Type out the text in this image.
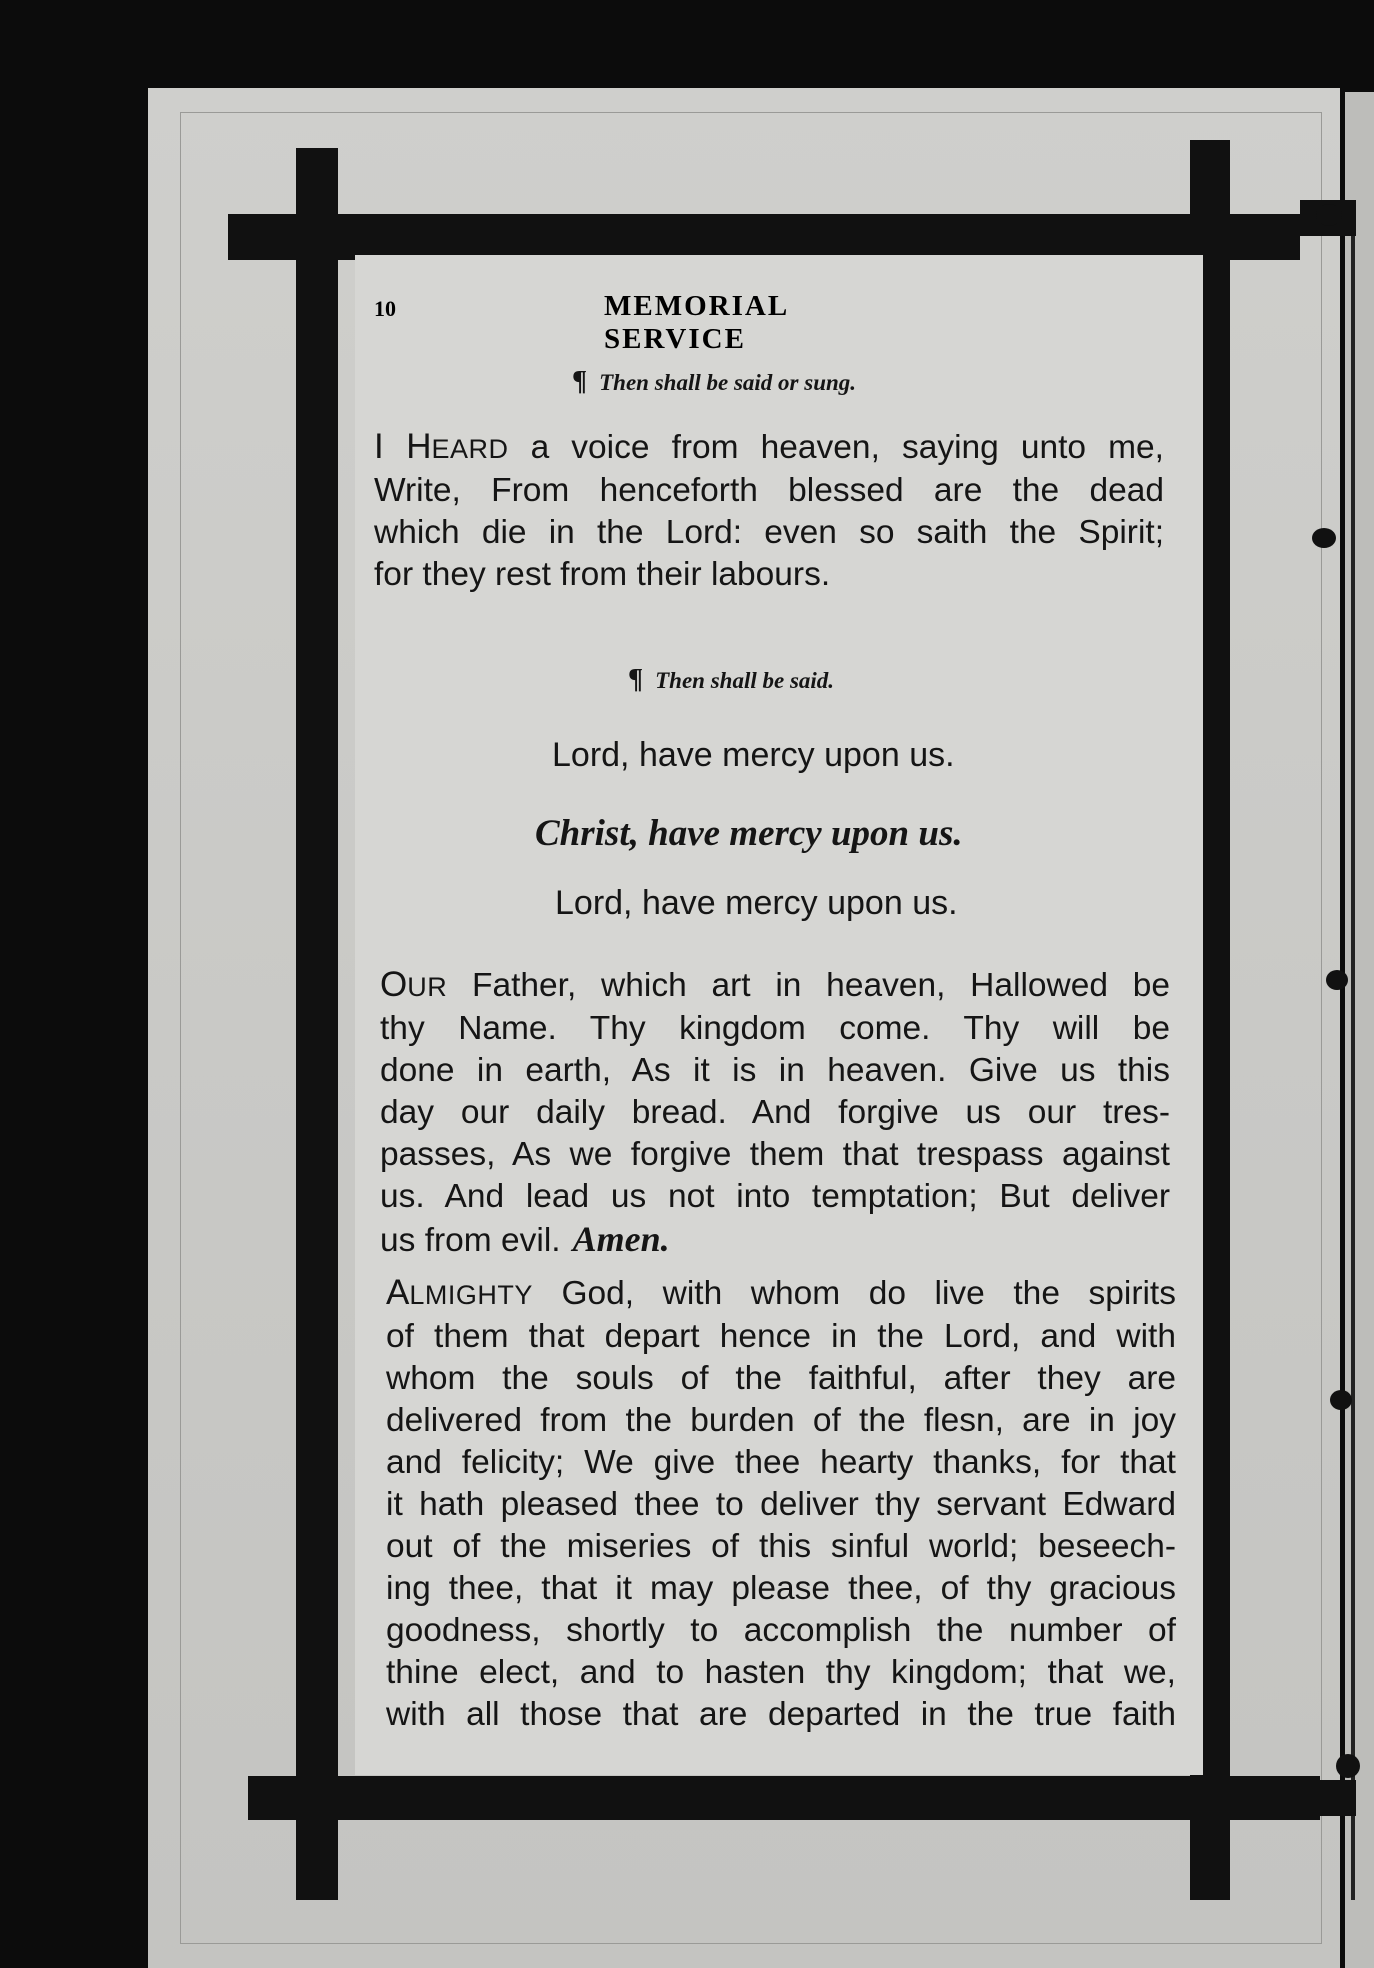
10	MEMORIAL SERVICE
¶ Then shall be said or sung.
I HEARD a voice from heaven, saying unto me,
Write, From henceforth blessed are the dead
which die in the Lord: even so saith the Spirit;
for they rest from their labours.
¶ Then shall be said.
Lord, have mercy upon us.
Christ, have mercy upon us.
Lord, have mercy upon us.
OUR Father, which art in heaven, Hallowed be
thy Name. Thy kingdom come. Thy will be
done in earth, As it is in heaven. Give us this
day our daily bread. And forgive us our tres-
passes, As we forgive them that trespass against
us. And lead us not into temptation; But deliver
us from evil. Amen.
ALMIGHTY God, with whom do live the spirits
of them that depart hence in the Lord, and with
whom the souls of the faithful, after they are
delivered from the burden of the flesn, are in joy
and felicity; We give thee hearty thanks, for that
it hath pleased thee to deliver thy servant Edward
out of the miseries of this sinful world; beseech-
ing thee, that it may please thee, of thy gracious
goodness, shortly to accomplish the number of
thine elect, and to hasten thy kingdom; that we,
with all those that are departed in the true faith
